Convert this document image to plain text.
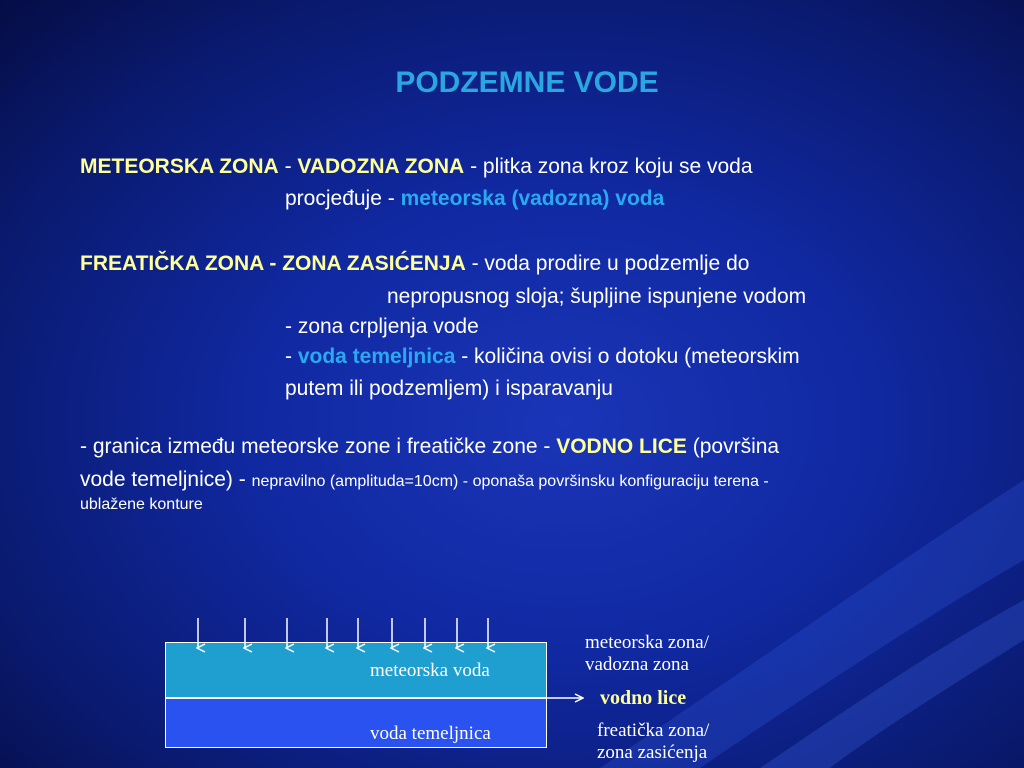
PODZEMNE VODE
METEORSKA ZONA - VADOZNA ZONA - plitka zona kroz koju se voda
procjeđuje - meteorska (vadozna) voda
FREATIČKA ZONA - ZONA ZASIĆENJA - voda prodire u podzemlje do
nepropusnog sloja; šupljine ispunjene vodom
- zona crpljenja vode
- voda temeljnica - količina ovisi o dotoku (meteorskim
putem ili podzemljem) i isparavanju
- granica između meteorske zone i freatičke zone - VODNO LICE (površina
vode temeljnice) - nepravilno (amplituda=10cm) - oponaša površinsku konfiguraciju terena -
ublažene konture
meteorska voda
voda temeljnica
meteorska zona/
vadozna zona
vodno lice
freatička zona/
zona zasićenja
